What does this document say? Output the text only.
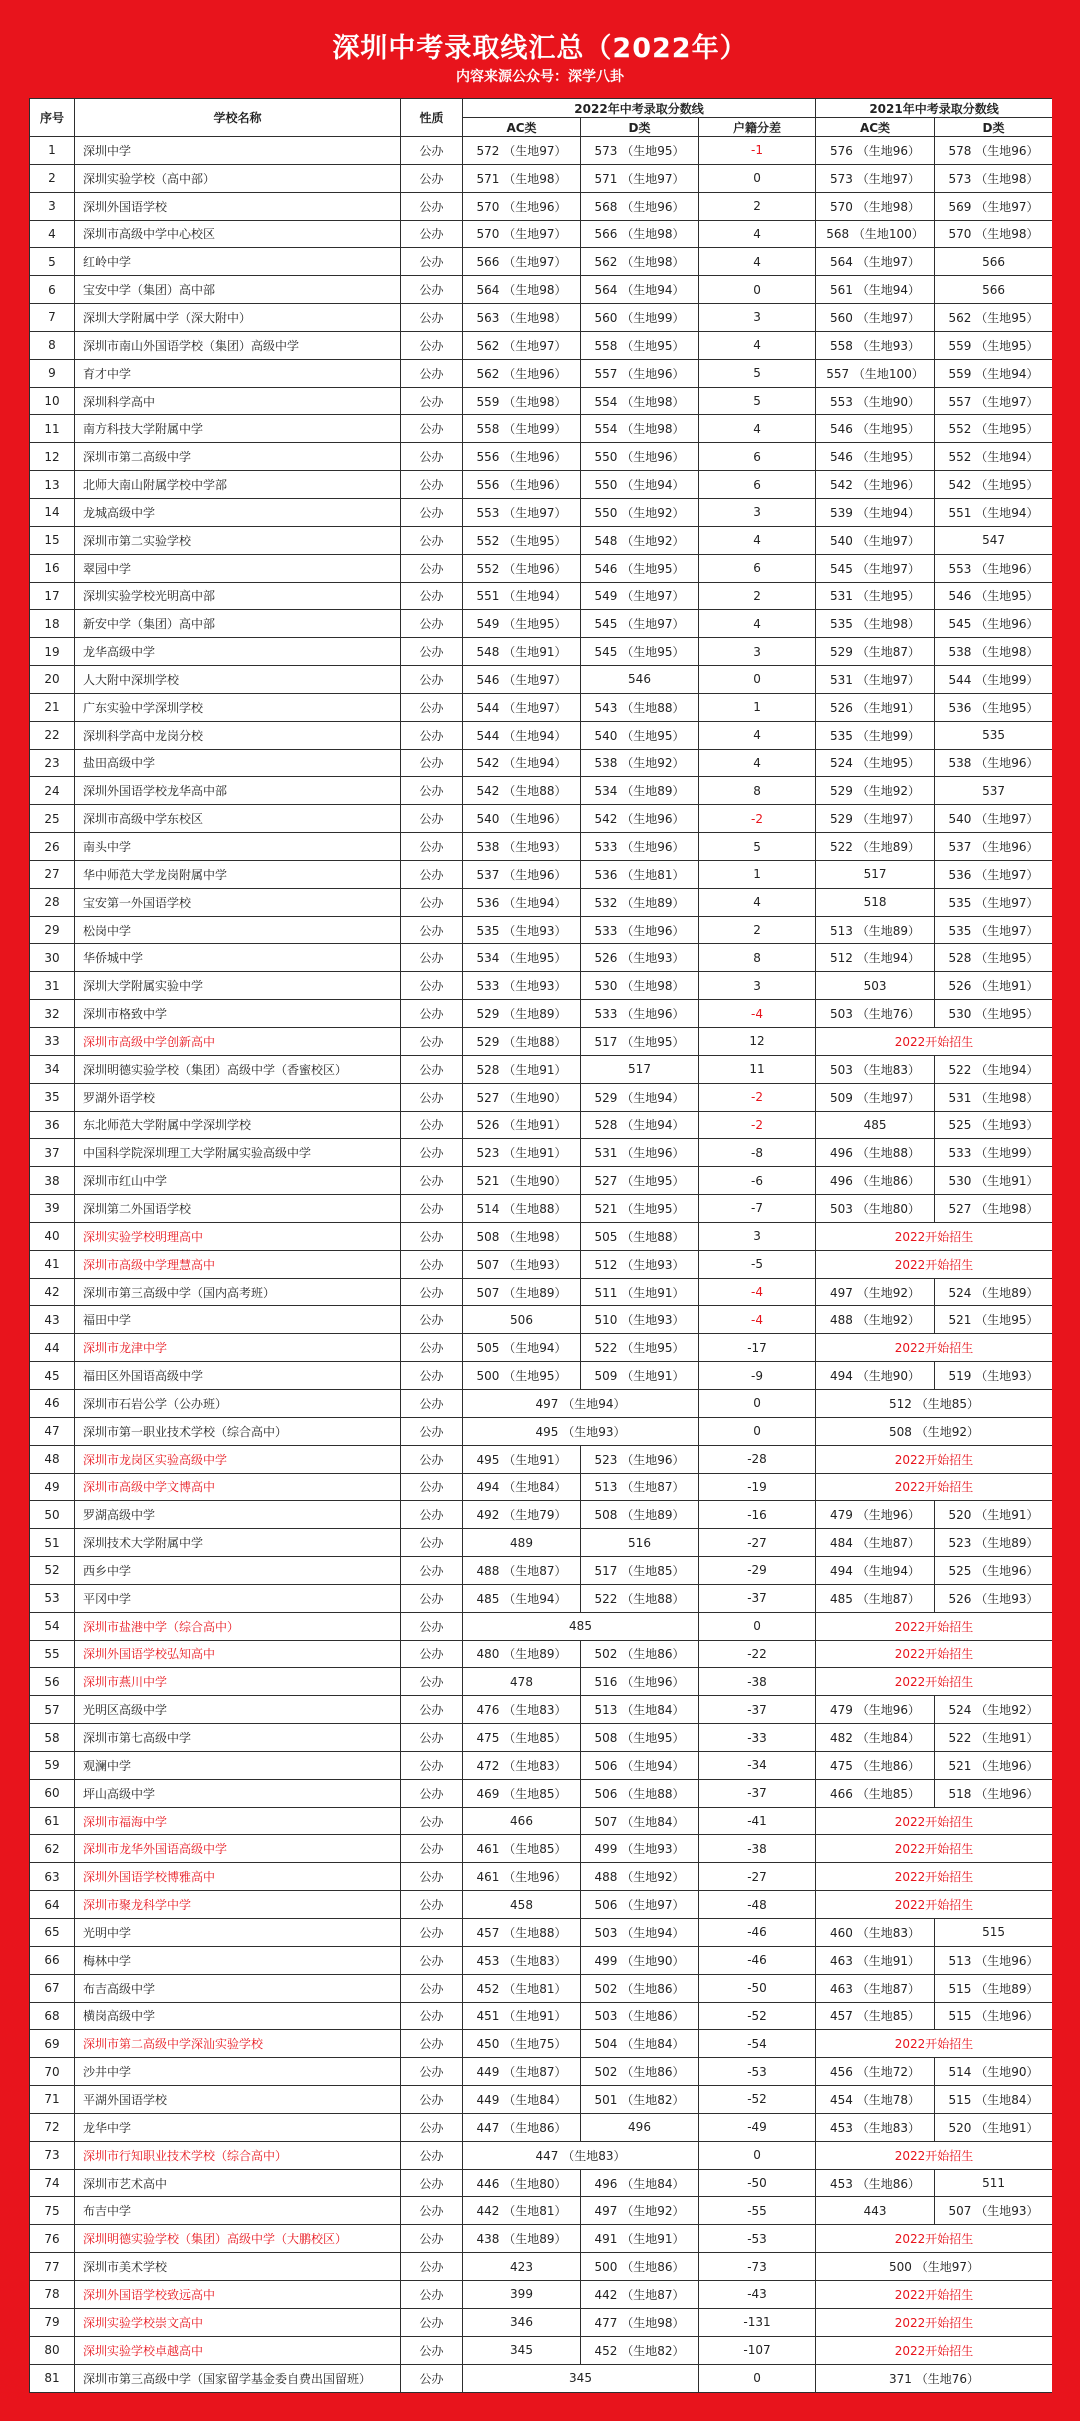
深圳中考录取线汇总（2022年）
内容来源公众号：深学八卦
序号	学校名称	性质	2022年中考录取分数线			2021年中考录取分数线	
			AC类	D类	户籍分差	AC类	D类
1	深圳中学	公办	572 （生地97）	573 （生地95）	-1	576 （生地96）	578 （生地96）
2	深圳实验学校（高中部）	公办	571 （生地98）	571 （生地97）	0	573 （生地97）	573 （生地98）
3	深圳外国语学校	公办	570 （生地96）	568 （生地96）	2	570 （生地98）	569 （生地97）
4	深圳市高级中学中心校区	公办	570 （生地97）	566 （生地98）	4	568 （生地100）	570 （生地98）
5	红岭中学	公办	566 （生地97）	562 （生地98）	4	564 （生地97）	566
6	宝安中学（集团）高中部	公办	564 （生地98）	564 （生地94）	0	561 （生地94）	566
7	深圳大学附属中学（深大附中）	公办	563 （生地98）	560 （生地99）	3	560 （生地97）	562 （生地95）
8	深圳市南山外国语学校（集团）高级中学	公办	562 （生地97）	558 （生地95）	4	558 （生地93）	559 （生地95）
9	育才中学	公办	562 （生地96）	557 （生地96）	5	557 （生地100）	559 （生地94）
10	深圳科学高中	公办	559 （生地98）	554 （生地98）	5	553 （生地90）	557 （生地97）
11	南方科技大学附属中学	公办	558 （生地99）	554 （生地98）	4	546 （生地95）	552 （生地95）
12	深圳市第二高级中学	公办	556 （生地96）	550 （生地96）	6	546 （生地95）	552 （生地94）
13	北师大南山附属学校中学部	公办	556 （生地96）	550 （生地94）	6	542 （生地96）	542 （生地95）
14	龙城高级中学	公办	553 （生地97）	550 （生地92）	3	539 （生地94）	551 （生地94）
15	深圳市第二实验学校	公办	552 （生地95）	548 （生地92）	4	540 （生地97）	547
16	翠园中学	公办	552 （生地96）	546 （生地95）	6	545 （生地97）	553 （生地96）
17	深圳实验学校光明高中部	公办	551 （生地94）	549 （生地97）	2	531 （生地95）	546 （生地95）
18	新安中学（集团）高中部	公办	549 （生地95）	545 （生地97）	4	535 （生地98）	545 （生地96）
19	龙华高级中学	公办	548 （生地91）	545 （生地95）	3	529 （生地87）	538 （生地98）
20	人大附中深圳学校	公办	546 （生地97）	546	0	531 （生地97）	544 （生地99）
21	广东实验中学深圳学校	公办	544 （生地97）	543 （生地88）	1	526 （生地91）	536 （生地95）
22	深圳科学高中龙岗分校	公办	544 （生地94）	540 （生地95）	4	535 （生地99）	535
23	盐田高级中学	公办	542 （生地94）	538 （生地92）	4	524 （生地95）	538 （生地96）
24	深圳外国语学校龙华高中部	公办	542 （生地88）	534 （生地89）	8	529 （生地92）	537
25	深圳市高级中学东校区	公办	540 （生地96）	542 （生地96）	-2	529 （生地97）	540 （生地97）
26	南头中学	公办	538 （生地93）	533 （生地96）	5	522 （生地89）	537 （生地96）
27	华中师范大学龙岗附属中学	公办	537 （生地96）	536 （生地81）	1	517	536 （生地97）
28	宝安第一外国语学校	公办	536 （生地94）	532 （生地89）	4	518	535 （生地97）
29	松岗中学	公办	535 （生地93）	533 （生地96）	2	513 （生地89）	535 （生地97）
30	华侨城中学	公办	534 （生地95）	526 （生地93）	8	512 （生地94）	528 （生地95）
31	深圳大学附属实验中学	公办	533 （生地93）	530 （生地98）	3	503	526 （生地91）
32	深圳市格致中学	公办	529 （生地89）	533 （生地96）	-4	503 （生地76）	530 （生地95）
33	深圳市高级中学创新高中	公办	529 （生地88）	517 （生地95）	12	2022开始招生	
34	深圳明德实验学校（集团）高级中学（香蜜校区）	公办	528 （生地91）	517	11	503 （生地83）	522 （生地94）
35	罗湖外语学校	公办	527 （生地90）	529 （生地94）	-2	509 （生地97）	531 （生地98）
36	东北师范大学附属中学深圳学校	公办	526 （生地91）	528 （生地94）	-2	485	525 （生地93）
37	中国科学院深圳理工大学附属实验高级中学	公办	523 （生地91）	531 （生地96）	-8	496 （生地88）	533 （生地99）
38	深圳市红山中学	公办	521 （生地90）	527 （生地95）	-6	496 （生地86）	530 （生地91）
39	深圳第二外国语学校	公办	514 （生地88）	521 （生地95）	-7	503 （生地80）	527 （生地98）
40	深圳实验学校明理高中	公办	508 （生地98）	505 （生地88）	3	2022开始招生	
41	深圳市高级中学理慧高中	公办	507 （生地93）	512 （生地93）	-5	2022开始招生	
42	深圳市第三高级中学（国内高考班）	公办	507 （生地89）	511 （生地91）	-4	497 （生地92）	524 （生地89）
43	福田中学	公办	506	510 （生地93）	-4	488 （生地92）	521 （生地95）
44	深圳市龙津中学	公办	505 （生地94）	522 （生地95）	-17	2022开始招生	
45	福田区外国语高级中学	公办	500 （生地95）	509 （生地91）	-9	494 （生地90）	519 （生地93）
46	深圳市石岩公学（公办班）	公办	497 （生地94）		0	512 （生地85）	
47	深圳市第一职业技术学校（综合高中）	公办	495 （生地93）		0	508 （生地92）	
48	深圳市龙岗区实验高级中学	公办	495 （生地91）	523 （生地96）	-28	2022开始招生	
49	深圳市高级中学文博高中	公办	494 （生地84）	513 （生地87）	-19	2022开始招生	
50	罗湖高级中学	公办	492 （生地79）	508 （生地89）	-16	479 （生地96）	520 （生地91）
51	深圳技术大学附属中学	公办	489	516	-27	484 （生地87）	523 （生地89）
52	西乡中学	公办	488 （生地87）	517 （生地85）	-29	494 （生地94）	525 （生地96）
53	平冈中学	公办	485 （生地94）	522 （生地88）	-37	485 （生地87）	526 （生地93）
54	深圳市盐港中学（综合高中）	公办	485		0	2022开始招生	
55	深圳外国语学校弘知高中	公办	480 （生地89）	502 （生地86）	-22	2022开始招生	
56	深圳市燕川中学	公办	478	516 （生地96）	-38	2022开始招生	
57	光明区高级中学	公办	476 （生地83）	513 （生地84）	-37	479 （生地96）	524 （生地92）
58	深圳市第七高级中学	公办	475 （生地85）	508 （生地95）	-33	482 （生地84）	522 （生地91）
59	观澜中学	公办	472 （生地83）	506 （生地94）	-34	475 （生地86）	521 （生地96）
60	坪山高级中学	公办	469 （生地85）	506 （生地88）	-37	466 （生地85）	518 （生地96）
61	深圳市福海中学	公办	466	507 （生地84）	-41	2022开始招生	
62	深圳市龙华外国语高级中学	公办	461 （生地85）	499 （生地93）	-38	2022开始招生	
63	深圳外国语学校博雅高中	公办	461 （生地96）	488 （生地92）	-27	2022开始招生	
64	深圳市聚龙科学中学	公办	458	506 （生地97）	-48	2022开始招生	
65	光明中学	公办	457 （生地88）	503 （生地94）	-46	460 （生地83）	515
66	梅林中学	公办	453 （生地83）	499 （生地90）	-46	463 （生地91）	513 （生地96）
67	布吉高级中学	公办	452 （生地81）	502 （生地86）	-50	463 （生地87）	515 （生地89）
68	横岗高级中学	公办	451 （生地91）	503 （生地86）	-52	457 （生地85）	515 （生地96）
69	深圳市第二高级中学深汕实验学校	公办	450 （生地75）	504 （生地84）	-54	2022开始招生	
70	沙井中学	公办	449 （生地87）	502 （生地86）	-53	456 （生地72）	514 （生地90）
71	平湖外国语学校	公办	449 （生地84）	501 （生地82）	-52	454 （生地78）	515 （生地84）
72	龙华中学	公办	447 （生地86）	496	-49	453 （生地83）	520 （生地91）
73	深圳市行知职业技术学校（综合高中）	公办	447 （生地83）		0	2022开始招生	
74	深圳市艺术高中	公办	446 （生地80）	496 （生地84）	-50	453 （生地86）	511
75	布吉中学	公办	442 （生地81）	497 （生地92）	-55	443	507 （生地93）
76	深圳明德实验学校（集团）高级中学（大鹏校区）	公办	438 （生地89）	491 （生地91）	-53	2022开始招生	
77	深圳市美术学校	公办	423	500 （生地86）	-73	500 （生地97）	
78	深圳外国语学校致远高中	公办	399	442 （生地87）	-43	2022开始招生	
79	深圳实验学校崇文高中	公办	346	477 （生地98）	-131	2022开始招生	
80	深圳实验学校卓越高中	公办	345	452 （生地82）	-107	2022开始招生	
81	深圳市第三高级中学（国家留学基金委自费出国留班）	公办	345		0	371 （生地76）	
